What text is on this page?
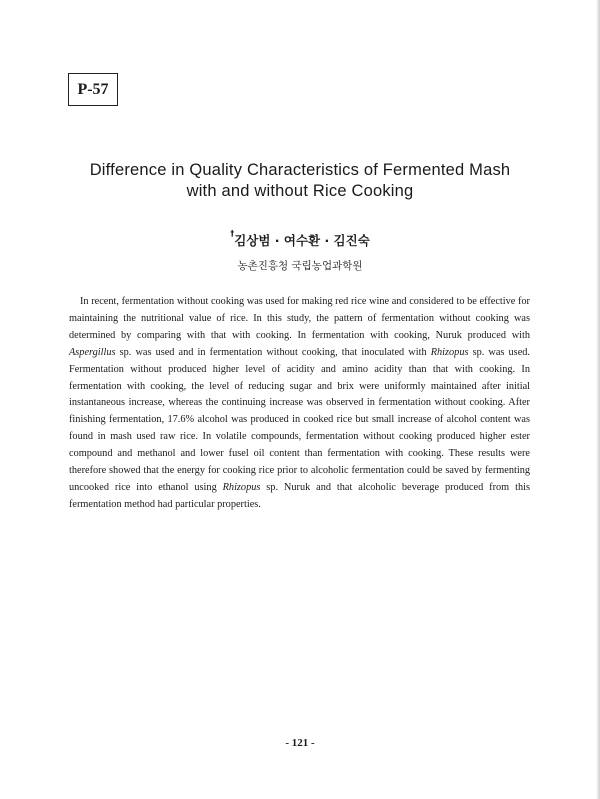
P-57
Difference in Quality Characteristics of Fermented Mash
with and without Rice Cooking
†김상범 · 여수환 · 김진숙
농촌진흥청 국립농업과학원

In recent, fermentation without cooking was used for making red rice wine and considered to be effective for maintaining the nutritional value of rice. In this study, the pattern of fermentation without cooking was determined by comparing with that with cooking. In fermentation with cooking, Nuruk produced with Aspergillus sp. was used and in fermentation without cooking, that inoculated with Rhizopus sp. was used. Fermentation without produced higher level of acidity and amino acidity than that with cooking. In fermentation with cooking, the level of reducing sugar and brix were uniformly maintained after initial instantaneous increase, whereas the continuing increase was observed in fermentation without cooking. After finishing fermentation, 17.6% alcohol was produced in cooked rice but small increase of alcohol content was found in mash used raw rice. In volatile compounds, fermentation without cooking produced higher ester compound and methanol and lower fusel oil content than fermentation with cooking. These results were therefore showed that the energy for cooking rice prior to alcoholic fermentation could be saved by fermenting uncooked rice into ethanol using Rhizopus sp. Nuruk and that alcoholic beverage produced from this fermentation method had particular properties.

- 121 -
